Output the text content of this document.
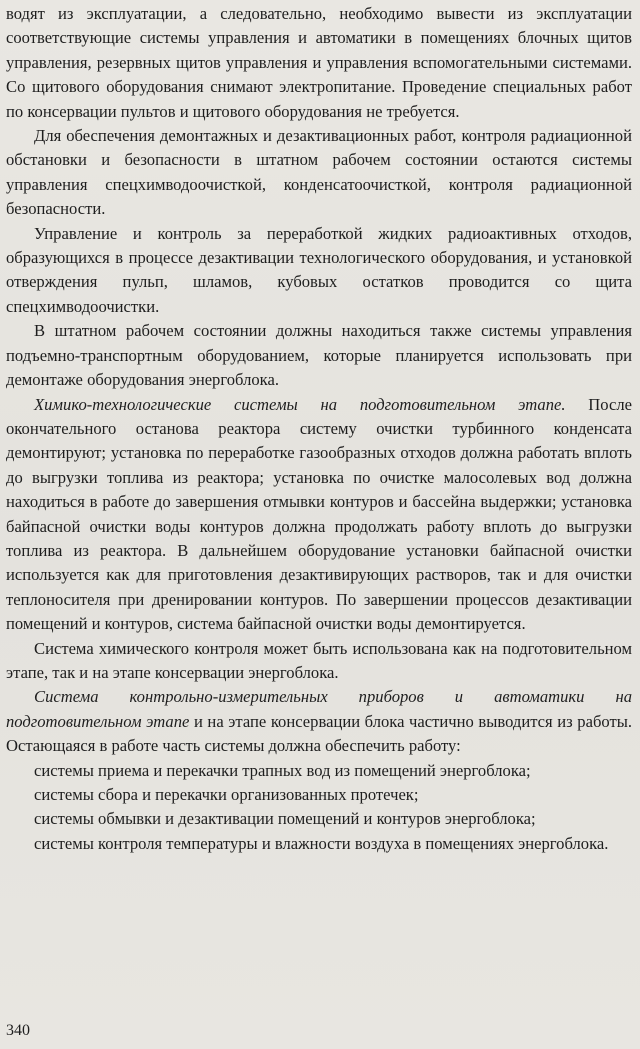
водят из эксплуатации, а следовательно, необходимо вывести из эксплуатации соответствующие системы управления и автоматики в помещениях блочных щитов управления, резервных щитов управления и управления вспомогательными системами. Со щитового оборудования снимают электропитание. Проведение специальных работ по консервации пультов и щитового оборудования не требуется.

Для обеспечения демонтажных и дезактивационных работ, контроля радиационной обстановки и безопасности в штатном рабочем состоянии остаются системы управления спецхимводоочисткой, конденсатоочисткой, контроля радиационной безопасности.

Управление и контроль за переработкой жидких радиоактивных отходов, образующихся в процессе дезактивации технологического оборудования, и установкой отверждения пульп, шламов, кубовых остатков проводится со щита спецхимводоочистки.

В штатном рабочем состоянии должны находиться также системы управления подъемно-транспортным оборудованием, которые планируется использовать при демонтаже оборудования энергоблока.

Химико-технологические системы на подготовительном этапе. После окончательного останова реактора систему очистки турбинного конденсата демонтируют; установка по переработке газообразных отходов должна работать вплоть до выгрузки топлива из реактора; установка по очистке малосолевых вод должна находиться в работе до завершения отмывки контуров и бассейна выдержки; установка байпасной очистки воды контуров должна продолжать работу вплоть до выгрузки топлива из реактора. В дальнейшем оборудование установки байпасной очистки используется как для приготовления дезактивирующих растворов, так и для очистки теплоносителя при дренировании контуров. По завершении процессов дезактивации помещений и контуров, система байпасной очистки воды демонтируется.

Система химического контроля может быть использована как на подготовительном этапе, так и на этапе консервации энергоблока.

Система контрольно-измерительных приборов и автоматики на подготовительном этапе и на этапе консервации блока частично выводится из работы. Остающаяся в работе часть системы должна обеспечить работу:

системы приема и перекачки трапных вод из помещений энергоблока;

системы сбора и перекачки организованных протечек;

системы обмывки и дезактивации помещений и контуров энергоблока;

системы контроля температуры и влажности воздуха в помещениях энергоблока.

340
